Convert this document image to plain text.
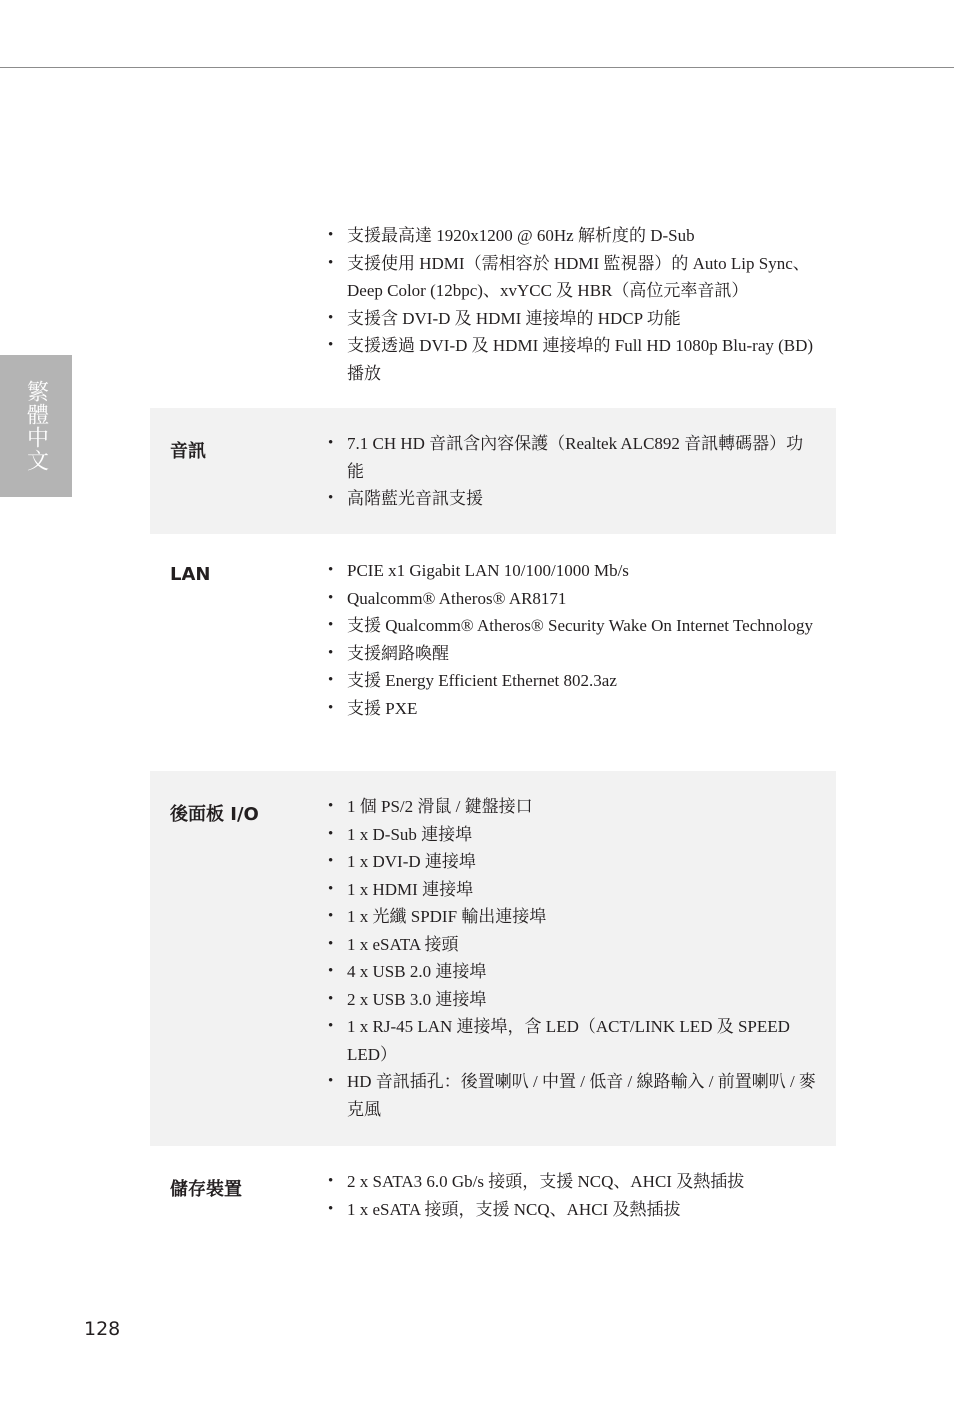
繁體中文
• 支援最高達 1920x1200 @ 60Hz 解析度的 D-Sub
• 支援使用 HDMI（需相容於 HDMI 監視器）的 Auto Lip Sync、Deep Color (12bpc)、xvYCC 及 HBR（高位元率音訊）
• 支援含 DVI-D 及 HDMI 連接埠的 HDCP 功能
• 支援透過 DVI-D 及 HDMI 連接埠的 Full HD 1080p Blu-ray (BD) 播放
音訊	• 7.1 CH HD 音訊含內容保護（Realtek ALC892 音訊轉碼器）功能
• 高階藍光音訊支援
LAN	• PCIE x1 Gigabit LAN 10/100/1000 Mb/s
• Qualcomm® Atheros® AR8171
• 支援 Qualcomm® Atheros® Security Wake On Internet Technology
• 支援網路喚醒
• 支援 Energy Efficient Ethernet 802.3az
• 支援 PXE
後面板 I/O	• 1 個 PS/2 滑鼠 / 鍵盤接口
• 1 x D-Sub 連接埠
• 1 x DVI-D 連接埠
• 1 x HDMI 連接埠
• 1 x 光纖 SPDIF 輸出連接埠
• 1 x eSATA 接頭
• 4 x USB 2.0 連接埠
• 2 x USB 3.0 連接埠
• 1 x RJ-45 LAN 連接埠，含 LED（ACT/LINK LED 及 SPEED LED）
• HD 音訊插孔：後置喇叭 / 中置 / 低音 / 線路輸入 / 前置喇叭 / 麥克風
儲存裝置	• 2 x SATA3 6.0 Gb/s 接頭，支援 NCQ、AHCI 及熱插拔
• 1 x eSATA 接頭，支援 NCQ、AHCI 及熱插拔
128
